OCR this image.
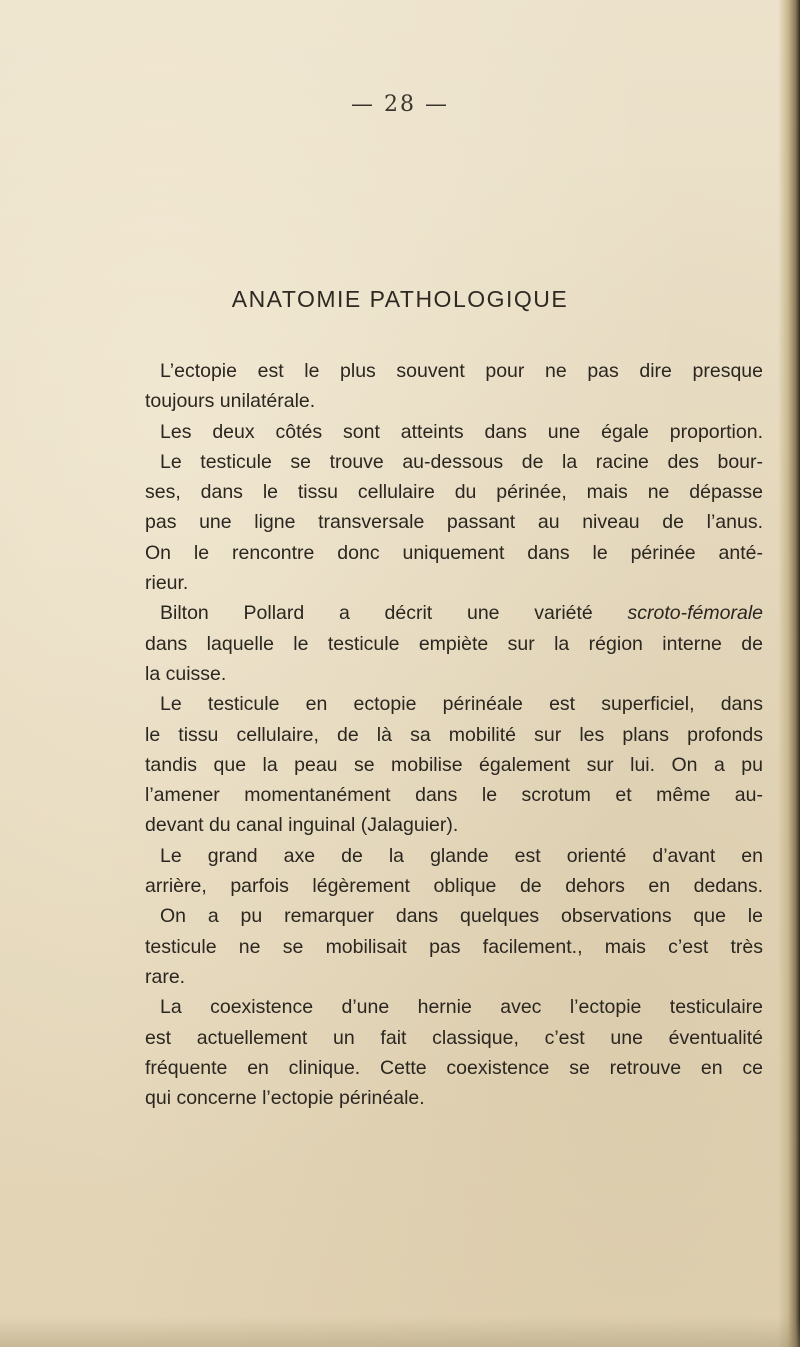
— 28 —
ANATOMIE PATHOLOGIQUE
L’ectopie est le plus souvent pour ne pas dire presque
toujours unilatérale.
Les deux côtés sont atteints dans une égale proportion.
Le testicule se trouve au-dessous de la racine des bour-
ses, dans le tissu cellulaire du périnée, mais ne dépasse
pas une ligne transversale passant au niveau de l’anus.
On le rencontre donc uniquement dans le périnée anté-
rieur.
Bilton Pollard a décrit une variété scroto-fémorale
dans laquelle le testicule empiète sur la région interne de
la cuisse.
Le testicule en ectopie périnéale est superficiel, dans
le tissu cellulaire, de là sa mobilité sur les plans profonds
tandis que la peau se mobilise également sur lui. On a pu
l’amener momentanément dans le scrotum et même au-
devant du canal inguinal (Jalaguier).
Le grand axe de la glande est orienté d’avant en
arrière, parfois légèrement oblique de dehors en dedans.
On a pu remarquer dans quelques observations que le
testicule ne se mobilisait pas facilement., mais c’est très
rare.
La coexistence d’une hernie avec l’ectopie testiculaire
est actuellement un fait classique, c’est une éventualité
fréquente en clinique. Cette coexistence se retrouve en ce
qui concerne l’ectopie périnéale.
